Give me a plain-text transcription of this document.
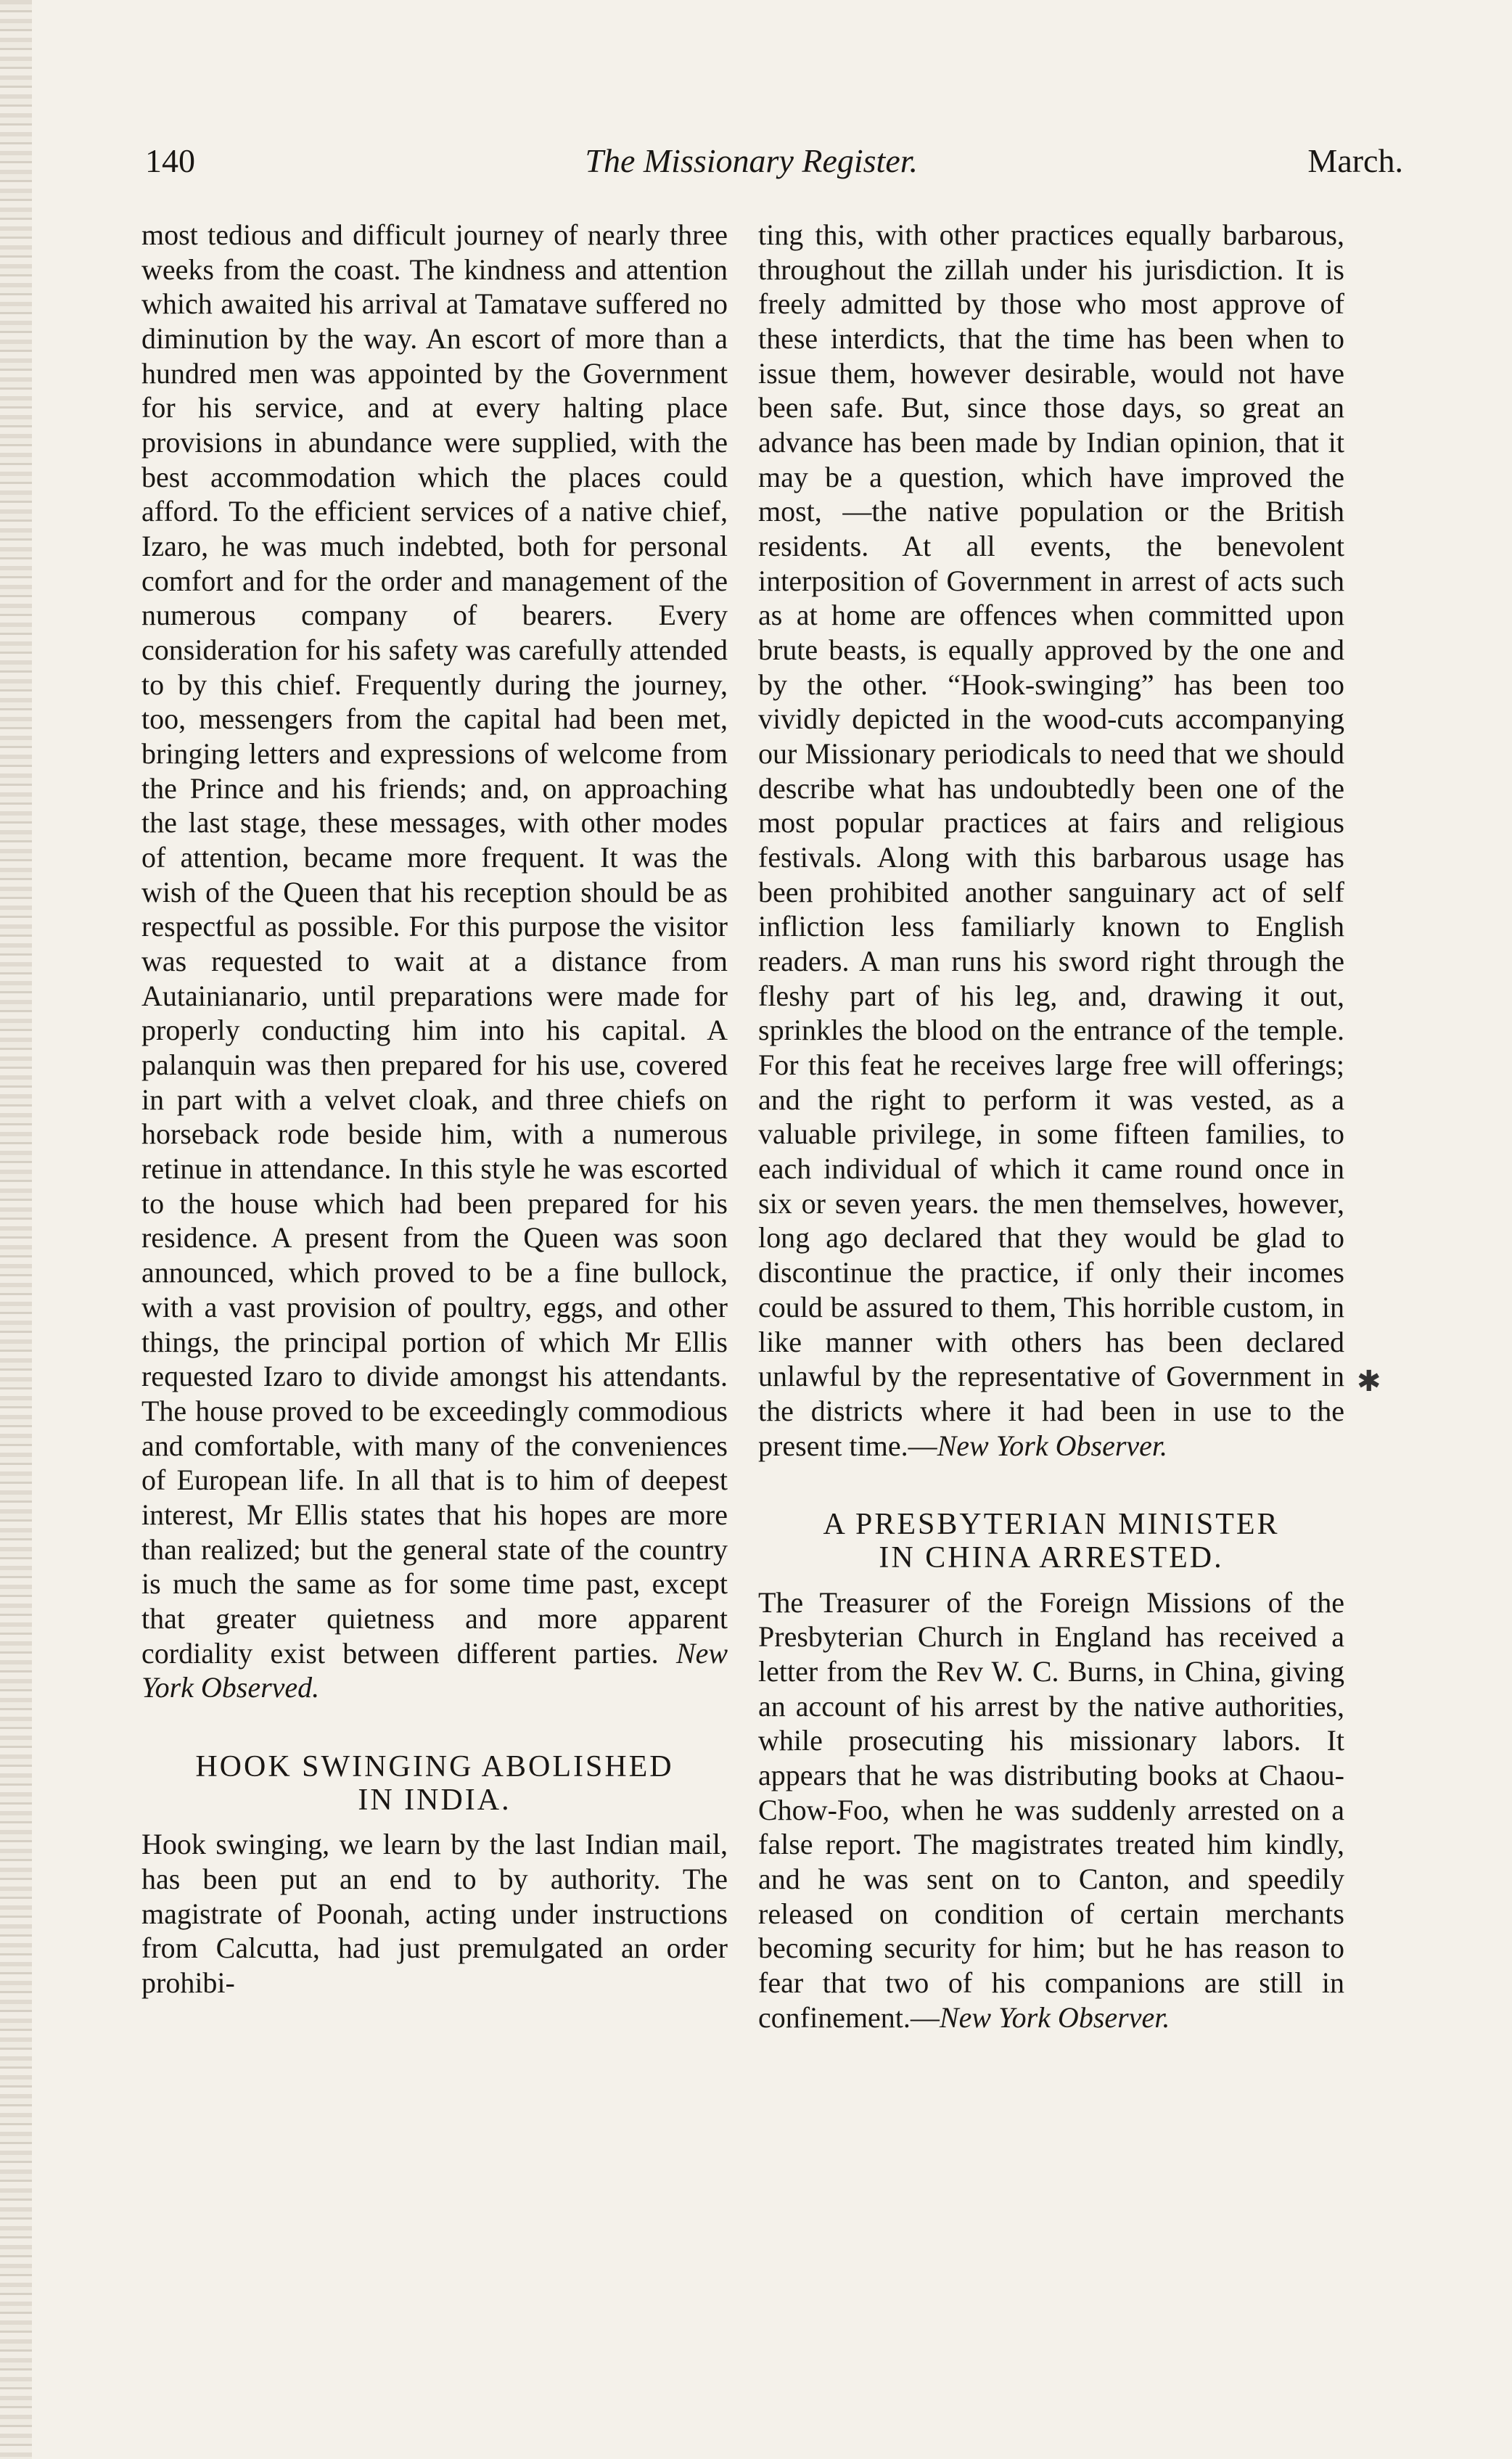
140	The Missionary Register.	March.

most tedious and difficult journey of nearly three weeks from the coast. The kindness and attention which awaited his arrival at Tamatave suffered no diminution by the way. An escort of more than a hundred men was appointed by the Government for his service, and at every halting place provisions in abundance were supplied, with the best accommodation which the places could afford. To the efficient services of a native chief, Izaro, he was much indebted, both for personal comfort and for the order and management of the numerous company of bearers. Every consideration for his safety was carefully attended to by this chief. Frequently during the journey, too, messengers from the capital had been met, bringing letters and expressions of welcome from the Prince and his friends; and, on approaching the last stage, these messages, with other modes of attention, became more frequent. It was the wish of the Queen that his reception should be as respectful as possible. For this purpose the visitor was requested to wait at a distance from Autainianario, until preparations were made for properly conducting him into his capital. A palanquin was then prepared for his use, covered in part with a velvet cloak, and three chiefs on horseback rode beside him, with a numerous retinue in attendance. In this style he was escorted to the house which had been prepared for his residence. A present from the Queen was soon announced, which proved to be a fine bullock, with a vast provision of poultry, eggs, and other things, the principal portion of which Mr Ellis requested Izaro to divide amongst his attendants. The house proved to be exceedingly commodious and comfortable, with many of the conveniences of European life. In all that is to him of deepest interest, Mr Ellis states that his hopes are more than realized; but the general state of the country is much the same as for some time past, except that greater quietness and more apparent cordiality exist between different parties. New York Observed.

HOOK SWINGING ABOLISHED
IN INDIA.

Hook swinging, we learn by the last Indian mail, has been put an end to by authority. The magistrate of Poonah, acting under instructions from Calcutta, had just premulgated an order prohibi-

ting this, with other practices equally barbarous, throughout the zillah under his jurisdiction. It is freely admitted by those who most approve of these interdicts, that the time has been when to issue them, however desirable, would not have been safe. But, since those days, so great an advance has been made by Indian opinion, that it may be a question, which have improved the most, —the native population or the British residents. At all events, the benevolent interposition of Government in arrest of acts such as at home are offences when committed upon brute beasts, is equally approved by the one and by the other. “Hook-swinging” has been too vividly depicted in the wood-cuts accompanying our Missionary periodicals to need that we should describe what has undoubtedly been one of the most popular practices at fairs and religious festivals. Along with this barbarous usage has been prohibited another sanguinary act of self infliction less familiarly known to English readers. A man runs his sword right through the fleshy part of his leg, and, drawing it out, sprinkles the blood on the entrance of the temple. For this feat he receives large free will offerings; and the right to perform it was vested, as a valuable privilege, in some fifteen families, to each individual of which it came round once in six or seven years. the men themselves, however, long ago declared that they would be glad to discontinue the practice, if only their incomes could be assured to them, This horrible custom, in like manner with others has been declared unlawful by the representative of Government in the districts where it had been in use to the present time.—New York Observer.

A PRESBYTERIAN MINISTER
IN CHINA ARRESTED.

The Treasurer of the Foreign Missions of the Presbyterian Church in England has received a letter from the Rev W. C. Burns, in China, giving an account of his arrest by the native authorities, while prosecuting his missionary labors. It appears that he was distributing books at Chaou-Chow-Foo, when he was suddenly arrested on a false report. The magistrates treated him kindly, and he was sent on to Canton, and speedily released on condition of certain merchants becoming security for him; but he has reason to fear that two of his companions are still in confinement.—New York Observer.

✱
